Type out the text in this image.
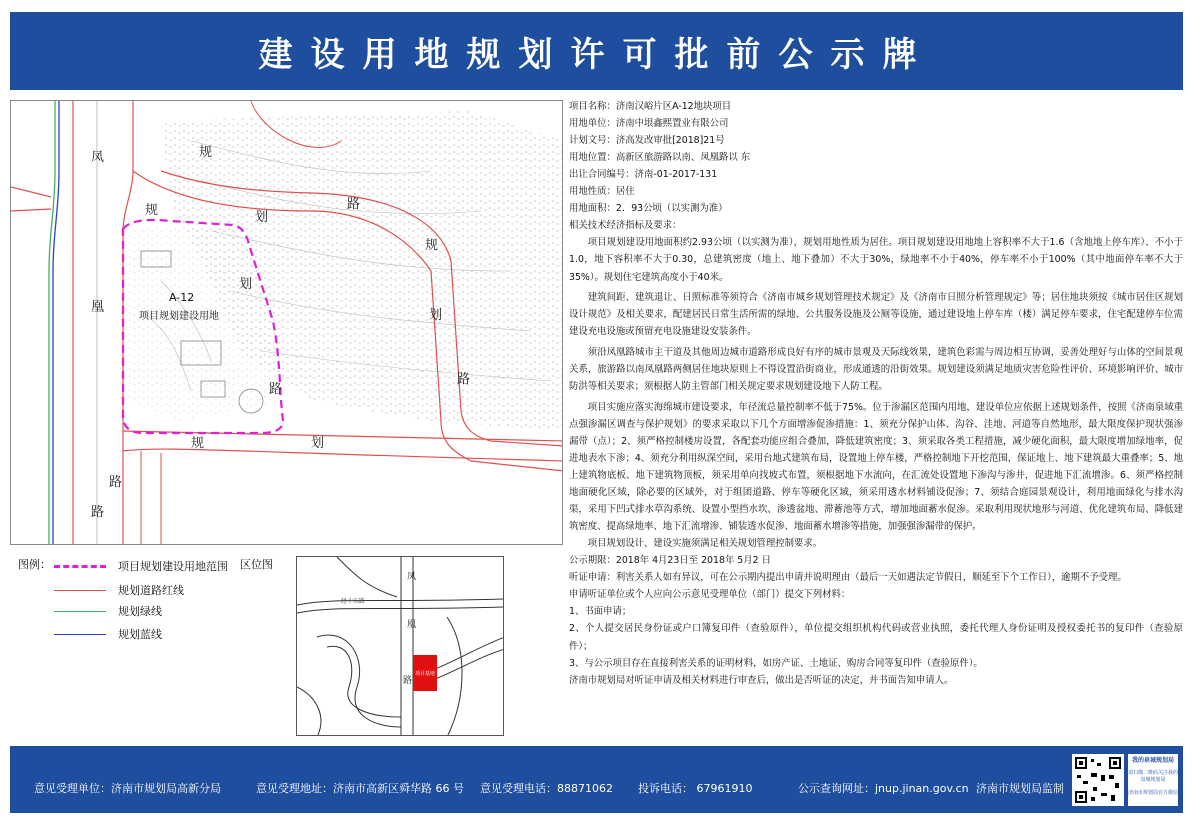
建设用地规划许可批前公示牌
凤
凰
路
规
规	划
划
路
规
划
路
路
规	划
路
A-12
项目规划建设用地
项目名称：济南汉峪片区A-12地块项目
用地单位：济南中垠鑫熙置业有限公司
计划文号：济高发改审批[2018]21号
用地位置：高新区旅游路以南、凤凰路以 东
出让合同编号：济南-01-2017-131
用地性质：居住
用地面积：2．93公顷（以实测为准）
相关技术经济指标及要求：
项目规划建设用地面积约2.93公顷（以实测为准），规划用地性质为居住。项目规划建设用地地上容积率不大于1.6（含地地上停车库）、不小于1.0，地下容积率不大于0.30，总建筑密度（地上、地下叠加）不大于30%，绿地率不小于40%，停车率不小于100%（其中地面停车率不大于35%）。规划住宅建筑高度小于40米。
建筑间距、建筑退让、日照标准等须符合《济南市城乡规划管理技术规定》及《济南市日照分析管理规定》等；居住地块须按《城市居住区规划设计规范》及相关要求，配建居民日常生活所需的绿地、公共服务设施及公厕等设施，通过建设地上停车库（楼）满足停车要求，住宅配建停车位需建设充电设施或预留充电设施建设安装条件。
须沿凤凰路城市主干道及其他周边城市道路形成良好有序的城市景观及天际线效果，建筑色彩需与周边相互协调，妥善处理好与山体的空间景观关系，旅游路以南凤凰路两侧居住地块原则上不得设置沿街商业，形成通透的沿街效果。规划建设须满足地质灾害危险性评价、环境影响评价、城市防洪等相关要求；须根据人防主管部门相关规定要求规划建设地下人防工程。
项目实施应落实海绵城市建设要求，年径流总量控制率不低于75%。位于渗漏区范围内用地，建设单位应依据上述规划条件，按照《济南泉域重点强渗漏区调查与保护规划》的要求采取以下几个方面增渗促渗措施：1、须充分保护山体、沟谷、洼地、河道等自然地形，最大限度保护现状强渗漏带（点）；2、须严格控制楼房设置，各配套功能应组合叠加，降低建筑密度；3、须采取各类工程措施，减少硬化面积，最大限度增加绿地率，促进地表水下渗；4、须充分利用纵深空间，采用台地式建筑布局，设置地上停车楼，严格控制地下开挖范围，保证地上、地下建筑最大重叠率；5、地上建筑物底板、地下建筑物顶板，须采用单向找坡式布置，须根据地下水流向，在汇流处设置地下渗沟与渗井，促进地下汇流增渗。6、须严格控制地面硬化区域，除必要的区域外，对于组团道路、停车等硬化区域，须采用透水材料铺设促渗；7、须结合庭园景观设计，利用地面绿化与排水沟渠，采用下凹式排水草沟系统、设置小型挡水坎、渗透盆地、滞蓄池等方式，增加地面蓄水促渗。采取利用现状地形与河道、优化建筑布局、降低建筑密度、提高绿地率、地下汇流增渗、铺装透水促渗、地面蓄水增渗等措施，加强强渗漏带的保护。
项目规划设计、建设实施须满足相关规划管理控制要求。
公示期限：2018年 4月23日至 2018年 5月2 日
听证申请：利害关系人如有异议，可在公示期内提出申请并说明理由（最后一天如遇法定节假日，顺延至下个工作日），逾期不予受理。
申请听证单位或个人应向公示意见受理单位（部门）提交下列材料：
1、书面申请；
2、个人提交居民身份证或户口簿复印件（查验原件），单位提交组织机构代码或营业执照，委托代理人身份证明及授权委托书的复印件（查验原件）；
3、与公示项目存在直接利害关系的证明材料，如房产证、土地证、购房合同等复印件（查验原件）。
济南市规划局对听证申请及相关材料进行审查后，做出是否听证的决定，并书面告知申请人。
图例：	项目规划建设用地范围
规划道路红线
规划绿线
规划蓝线
区位图
凤
凰
路
经十东路
项目基地
意见受理单位：济南市规划局高新分局	意见受理地址：济南市高新区舜华路 66 号 意见受理电话：88871062 投诉电话： 67961910	公示查询网址：jnup.jinan.gov.cn 济南市规划局监制
我的泉城规划局
请扫描二维码关注我的泉城规划局
济南市规划局官方微信
